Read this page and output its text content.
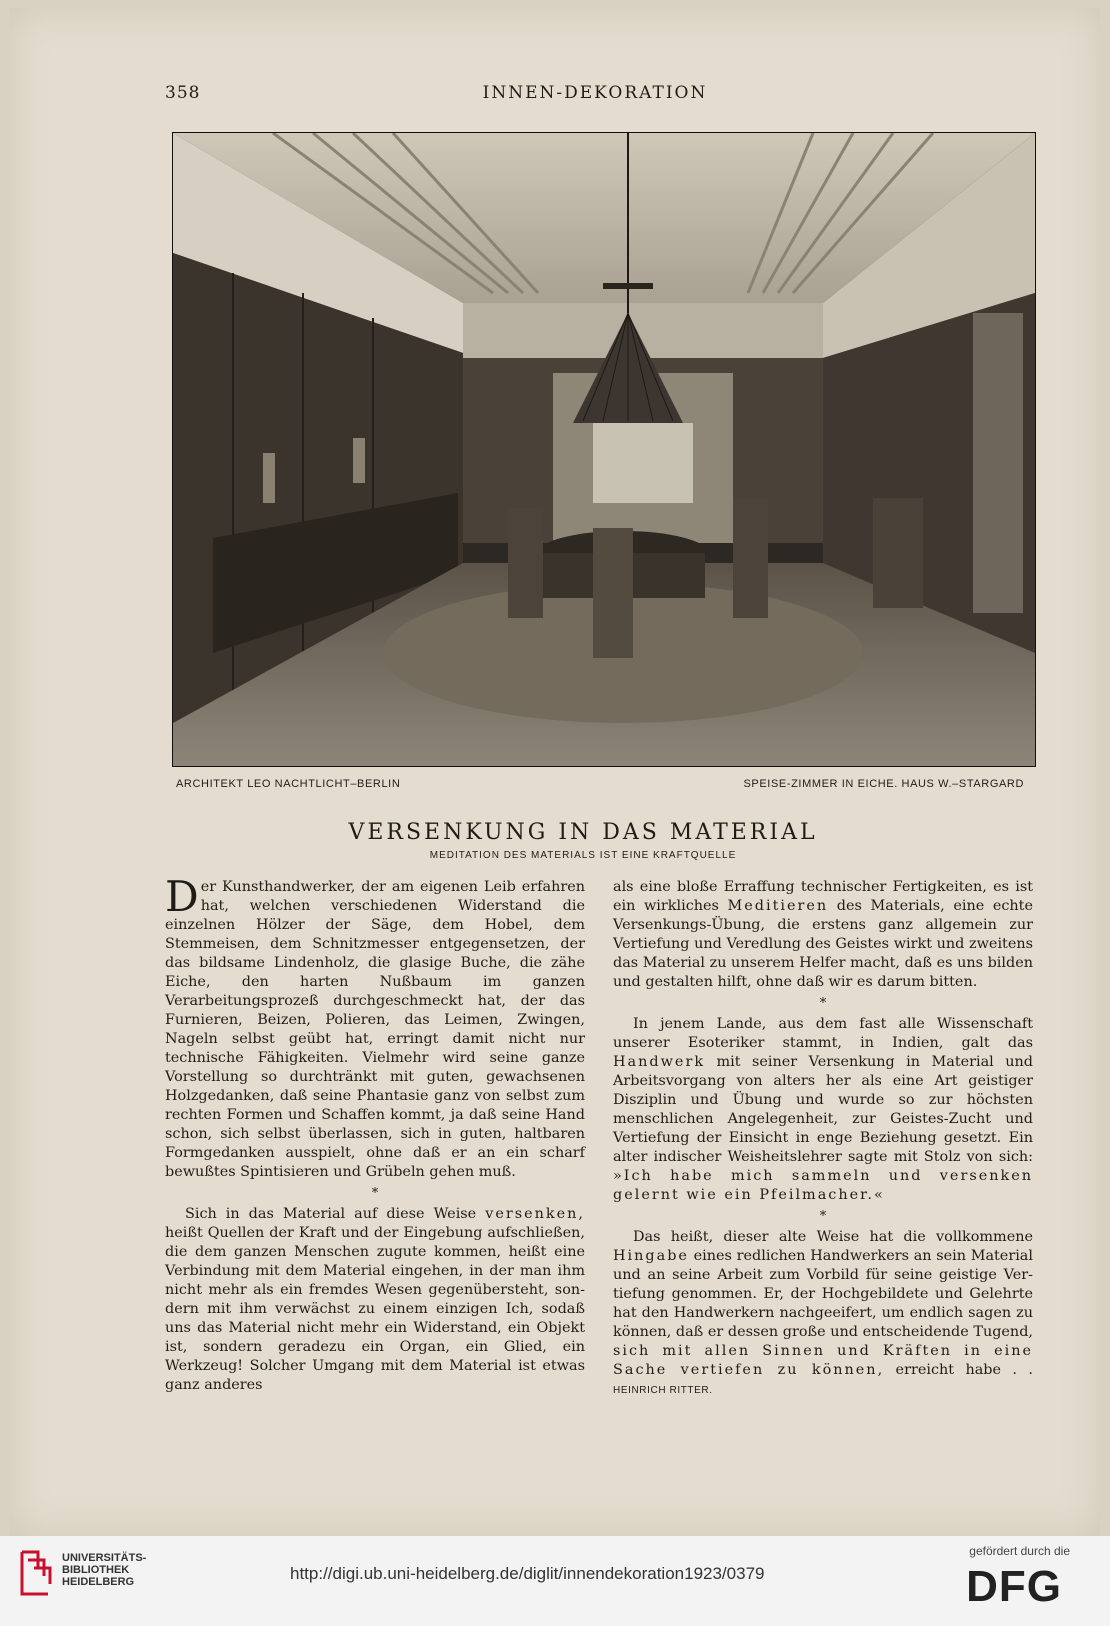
358	INNEN-DEKORATION
ARCHITEKT LEO NACHTLICHT–BERLIN	SPEISE-ZIMMER IN EICHE. HAUS W.–STARGARD
VERSENKUNG IN DAS MATERIAL
MEDITATION DES MATERIALS IST EINE KRAFTQUELLE

Der Kunsthandwerker, der am eigenen Leib erfahren hat, welchen verschiedenen Widerstand die einzelnen Hölzer der Säge, dem Hobel, dem Stemmeisen, dem Schnitzmesser entgegensetzen, der das bildsame Lindenholz, die glasige Buche, die zähe Eiche, den harten Nußbaum im ganzen Verarbeitungsprozeß durchgeschmeckt hat, der das Furnieren, Beizen, Polieren, das Leimen, Zwingen, Nageln selbst geübt hat, erringt damit nicht nur technische Fähigkeiten. Vielmehr wird seine ganze Vorstellung so durchtränkt mit guten, gewachsenen Holzgedanken, daß seine Phantasie ganz von selbst zum rechten Formen und Schaffen kommt, ja daß seine Hand schon, sich selbst überlassen, sich in guten, haltbaren Formgedanken ausspielt, ohne daß er an ein scharf bewußtes Spintisieren und Grübeln gehen muß.

*

Sich in das Material auf diese Weise versenken, heißt Quellen der Kraft und der Eingebung aufschließen, die dem ganzen Menschen zugute kommen, heißt eine Verbindung mit dem Material eingehen, in der man ihm nicht mehr als ein fremdes Wesen gegenübersteht, sondern mit ihm verwächst zu einem einzigen Ich, sodaß uns das Material nicht mehr ein Widerstand, ein Objekt ist, sondern geradezu ein Organ, ein Glied, ein Werkzeug! Solcher Umgang mit dem Material ist etwas ganz anderes

als eine bloße Erraffung technischer Fertigkeiten, es ist ein wirkliches Meditieren des Materials, eine echte Versenkungs-Übung, die erstens ganz allgemein zur Vertiefung und Veredlung des Geistes wirkt und zweitens das Material zu unserem Helfer macht, daß es uns bilden und gestalten hilft, ohne daß wir es darum bitten.

*

In jenem Lande, aus dem fast alle Wissenschaft unserer Esoteriker stammt, in Indien, galt das Handwerk mit seiner Versenkung in Material und Arbeitsvorgang von alters her als eine Art geistiger Disziplin und Übung und wurde so zur höchsten menschlichen Angelegenheit, zur Geistes-Zucht und Vertiefung der Einsicht in enge Beziehung gesetzt. Ein alter indischer Weisheitslehrer sagte mit Stolz von sich: »Ich habe mich sammeln und versenken gelernt wie ein Pfeilmacher.«

*

Das heißt, dieser alte Weise hat die vollkommene Hingabe eines redlichen Handwerkers an sein Material und an seine Arbeit zum Vorbild für seine geistige Vertiefung genommen. Er, der Hochgebildete und Gelehrte hat den Handwerkern nachgeeifert, um endlich sagen zu können, daß er dessen große und entscheidende Tugend, sich mit allen Sinnen und Kräften in eine Sache vertiefen zu können, erreicht habe . . HEINRICH RITTER.

UNIVERSITÄTS-
BIBLIOTHEK
HEIDELBERG	http://digi.ub.uni-heidelberg.de/diglit/innendekoration1923/0379
gefördert durch die
DFG
